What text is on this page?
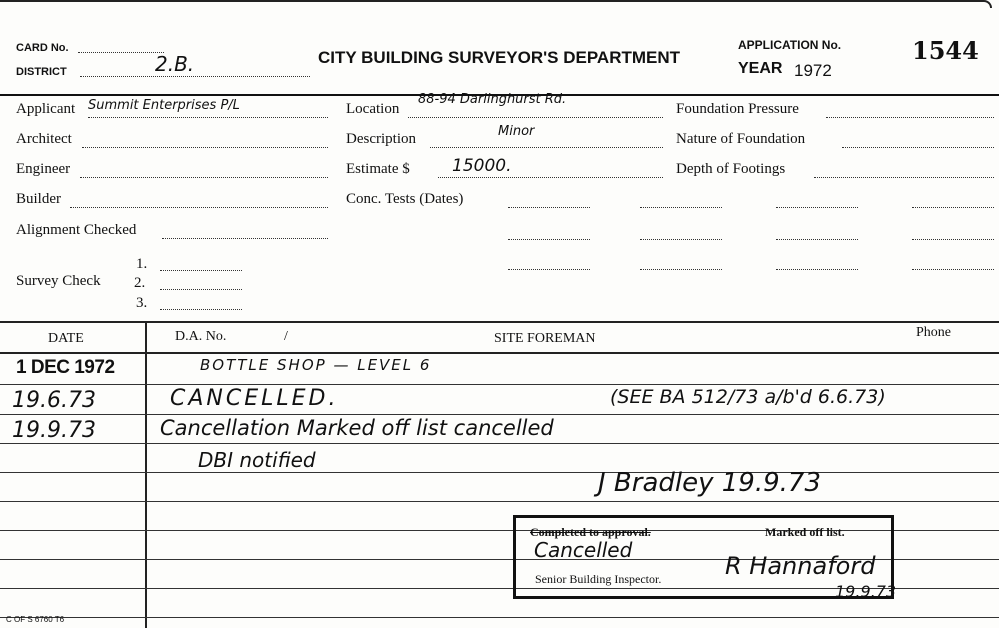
CARD No.
DISTRICT	2.B.	CITY BUILDING SURVEYOR'S DEPARTMENT
APPLICATION No.	1544
YEAR 1972
Applicant Summit Enterprises P/L
Architect
Engineer
Builder
Alignment Checked
Survey Check
1.
2.
3.
Location
88-94 Darlinghurst Rd.
Description	Minor
Estimate $ 15000.
Conc. Tests (Dates)
Foundation Pressure
Nature of Foundation
Depth of Footings
DATE	D.A. No.	/	SITE FOREMAN	Phone
1 DEC 1972	BOTTLE SHOP — LEVEL 6
19.6.73	CANCELLED.	(SEE BA 512/73 a/b'd 6.6.73)
19.9.73	Cancellation Marked off list cancelled
DBI notified
J Bradley 19.9.73
Completed to approval.	Marked off list.
Cancelled
Senior Building Inspector.	R Hannaford
19.9.73
C OF S 6760 T6
